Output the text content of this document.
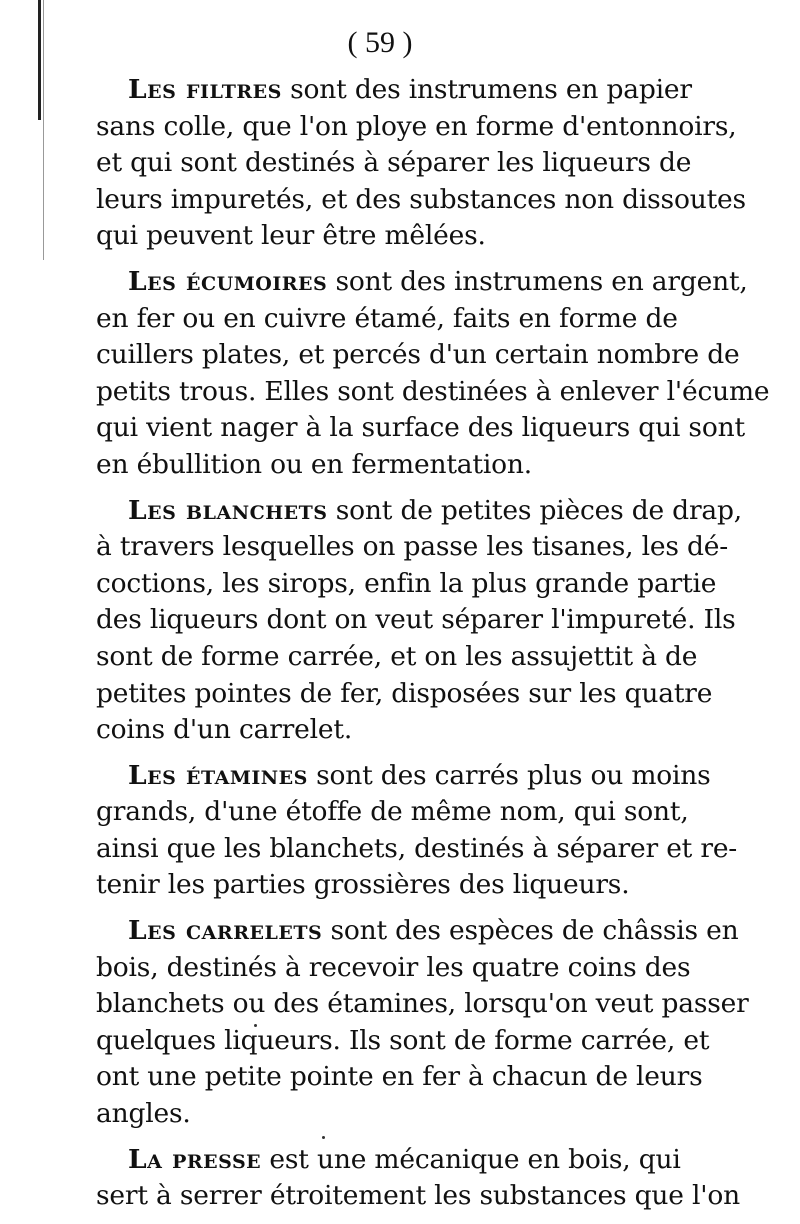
( 59 )
Les filtres sont des instrumens en papier
sans colle, que l'on ploye en forme d'entonnoirs,
et qui sont destinés à séparer les liqueurs de
leurs impuretés, et des substances non dissoutes
qui peuvent leur être mêlées.
Les écumoires sont des instrumens en argent,
en fer ou en cuivre étamé, faits en forme de
cuillers plates, et percés d'un certain nombre de
petits trous. Elles sont destinées à enlever l'écume
qui vient nager à la surface des liqueurs qui sont
en ébullition ou en fermentation.
Les blanchets sont de petites pièces de drap,
à travers lesquelles on passe les tisanes, les dé-
coctions, les sirops, enfin la plus grande partie
des liqueurs dont on veut séparer l'impureté. Ils
sont de forme carrée, et on les assujettit à de
petites pointes de fer, disposées sur les quatre
coins d'un carrelet.
Les étamines sont des carrés plus ou moins
grands, d'une étoffe de même nom, qui sont,
ainsi que les blanchets, destinés à séparer et re-
tenir les parties grossières des liqueurs.
Les carrelets sont des espèces de châssis en
bois, destinés à recevoir les quatre coins des
blanchets ou des étamines, lorsqu'on veut passer
quelques liqueurs. Ils sont de forme carrée, et
ont une petite pointe en fer à chacun de leurs
angles.
La presse est une mécanique en bois, qui
sert à serrer étroitement les substances que l'on
